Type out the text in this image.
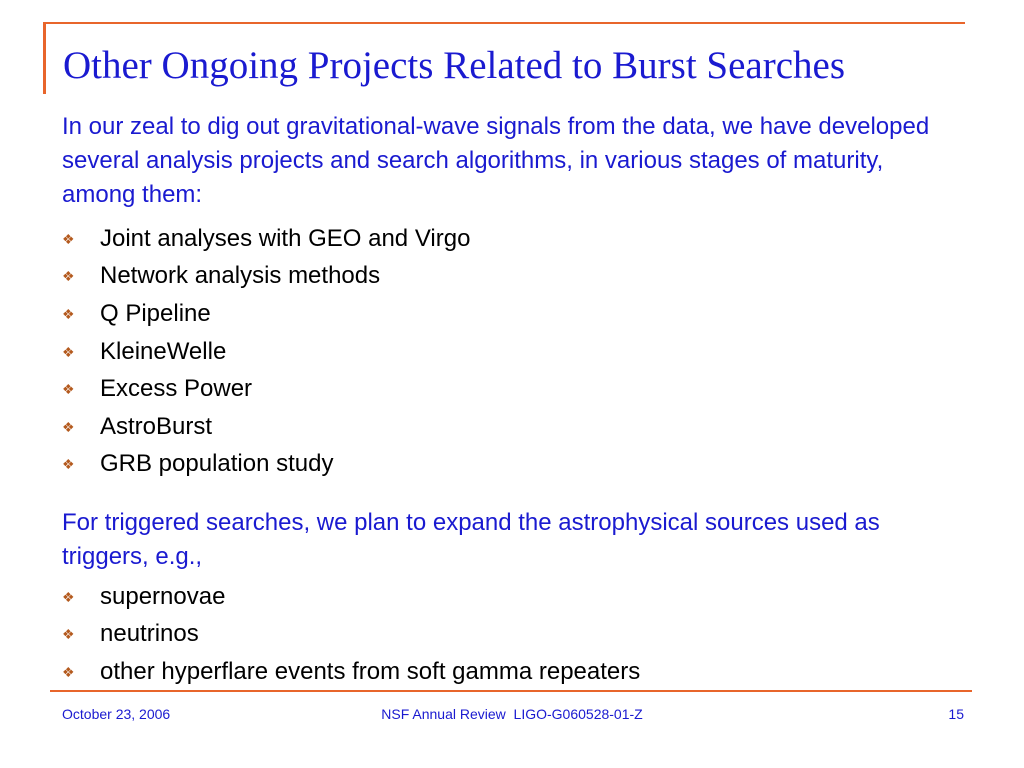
Other Ongoing Projects Related to Burst Searches
In our zeal to dig out gravitational-wave signals from the data, we have developed several analysis projects and search algorithms, in various stages of maturity, among them:
❖	Joint analyses with GEO and Virgo
❖	Network analysis methods
❖	Q Pipeline
❖	KleineWelle
❖	Excess Power
❖	AstroBurst
❖	GRB population study
For triggered searches, we plan to expand the astrophysical sources used as triggers, e.g.,
❖	supernovae
❖	neutrinos
❖	other hyperflare events from soft gamma repeaters
October 23, 2006	NSF Annual Review  LIGO-G060528-01-Z	15
